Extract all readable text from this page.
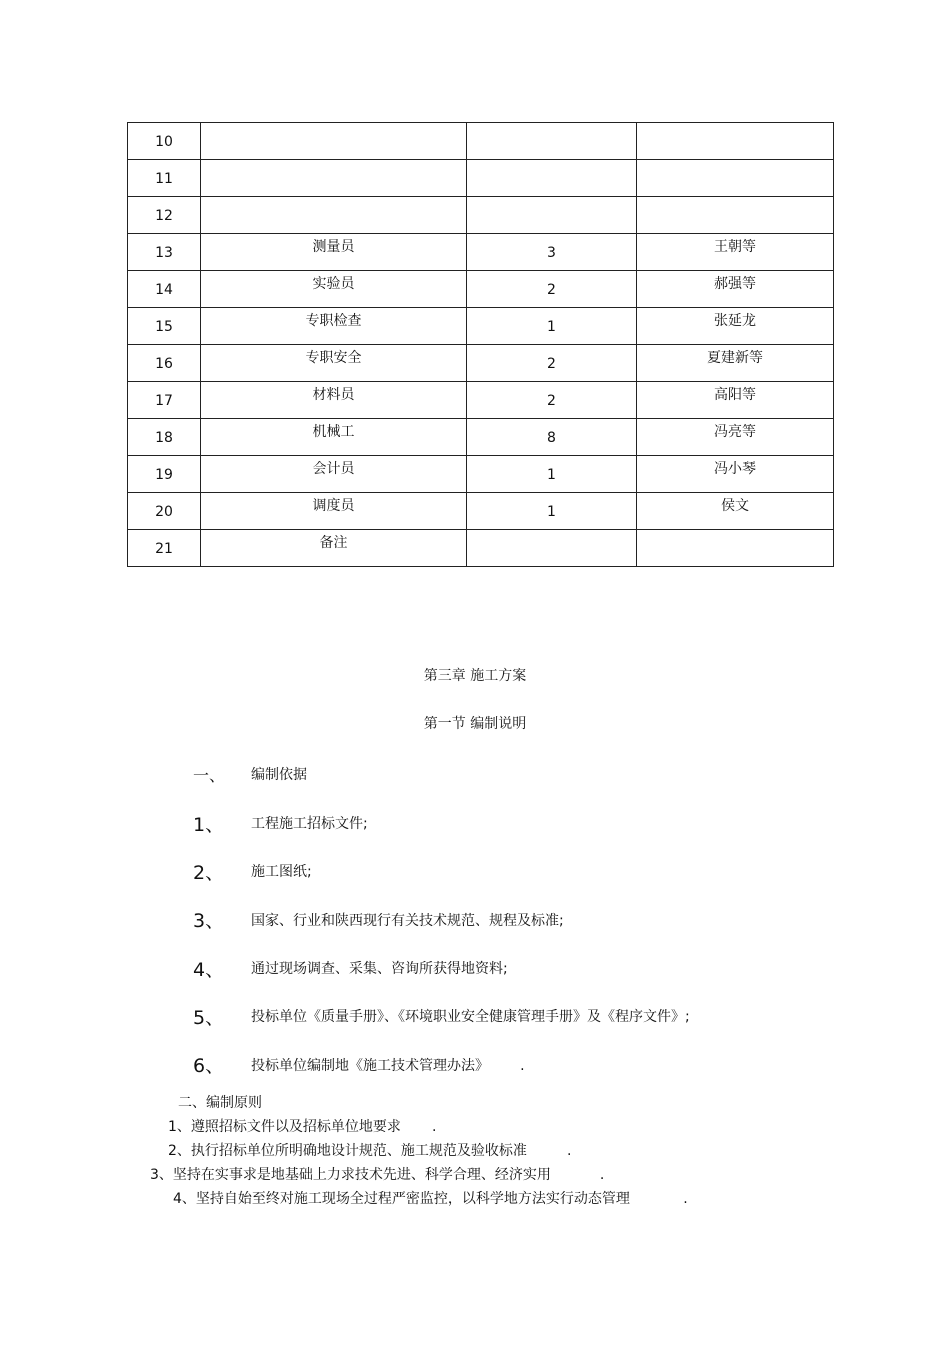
10			

11			

12			

13	测量员	3	王朝等

14	实验员	2	郝强等

15	专职检查	1	张延龙

16	专职安全	2	夏建新等

17	材料员	2	高阳等

18	机械工	8	冯亮等

19	会计员	1	冯小琴

20	调度员	1	侯文

21	备注		

第三章 施工方案
第一节 编制说明
一、 编制依据
1、 工程施工招标文件;
2、 施工图纸;
3、 国家、行业和陕西现行有关技术规范、规程及标准;
4、 通过现场调查、采集、咨询所获得地资料;
5、 投标单位《质量手册》、《环境职业安全健康管理手册》及《程序文件》;
6、 投标单位编制地《施工技术管理办法》       .
二、编制原则
1、遵照招标文件以及招标单位地要求       .
2、执行招标单位所明确地设计规范、施工规范及验收标准         .
3、坚持在实事求是地基础上力求技术先进、科学合理、经济实用           .
4、坚持自始至终对施工现场全过程严密监控，以科学地方法实行动态管理            .
